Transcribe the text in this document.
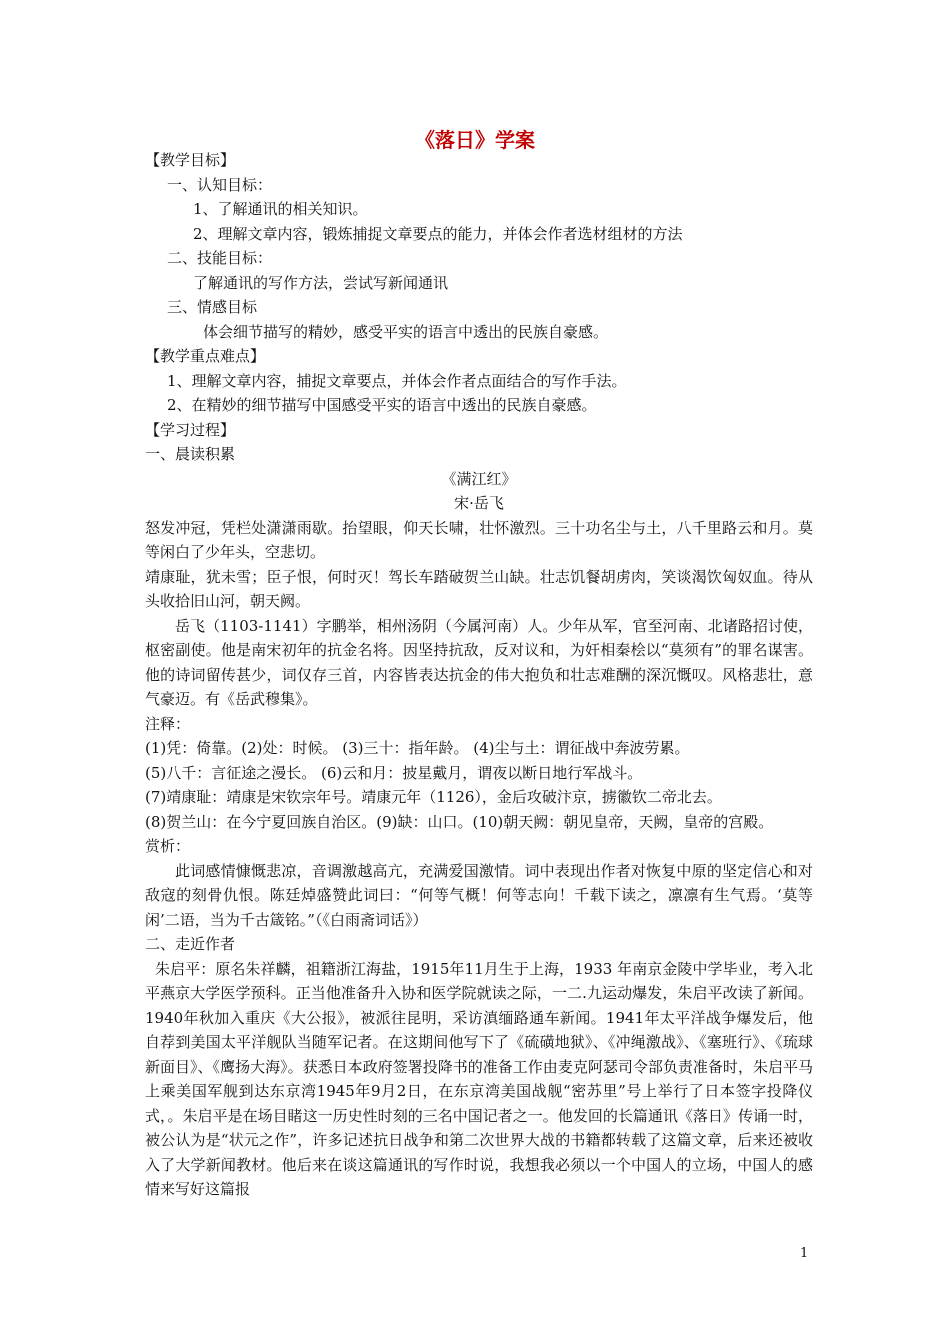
《落日》学案

【教学目标】

一、认知目标：

1、了解通讯的相关知识。

2、理解文章内容，锻炼捕捉文章要点的能力，并体会作者选材组材的方法

二、技能目标：

了解通讯的写作方法，尝试写新闻通讯

三、情感目标

体会细节描写的精妙，感受平实的语言中透出的民族自豪感。

【教学重点难点】

1、理解文章内容，捕捉文章要点，并体会作者点面结合的写作手法。

2、在精妙的细节描写中国感受平实的语言中透出的民族自豪感。

【学习过程】

一、晨读积累

《满江红》

宋·岳飞

怒发冲冠，凭栏处潇潇雨歇。抬望眼，仰天长啸，壮怀激烈。三十功名尘与土，八千里路云和月。莫等闲白了少年头，空悲切。

靖康耻，犹未雪；臣子恨，何时灭！驾长车踏破贺兰山缺。壮志饥餐胡虏肉，笑谈渴饮匈奴血。待从头收拾旧山河，朝天阙。

岳飞（1103-1141）字鹏举，相州汤阴（今属河南）人。少年从军，官至河南、北诸路招讨使，枢密副使。他是南宋初年的抗金名将。因坚持抗敌，反对议和，为奸相秦桧以“莫须有”的罪名谋害。他的诗词留传甚少，词仅存三首，内容皆表达抗金的伟大抱负和壮志难酬的深沉慨叹。风格悲壮，意气豪迈。有《岳武穆集》。

注释：

(1)凭：倚靠。(2)处：时候。 (3)三十：指年龄。 (4)尘与土：谓征战中奔波劳累。

(5)八千：言征途之漫长。 (6)云和月：披星戴月，谓夜以断日地行军战斗。

(7)靖康耻：靖康是宋钦宗年号。靖康元年（1126），金后攻破汴京，掳徽钦二帝北去。

(8)贺兰山：在今宁夏回族自治区。(9)缺：山口。(10)朝天阙：朝见皇帝，天阙，皇帝的宫殿。

赏析：

此词感情慷慨悲凉，音调激越高亢，充满爱国激情。词中表现出作者对恢复中原的坚定信心和对敌寇的刻骨仇恨。陈廷焯盛赞此词曰：“何等气概！何等志向！千载下读之，凛凛有生气焉。‘莫等闲’二语，当为千古箴铭。”（《白雨斋词话》）

二、走近作者

朱启平：原名朱祥麟，祖籍浙江海盐，1915年11月生于上海，1933 年南京金陵中学毕业，考入北平燕京大学医学预科。正当他准备升入协和医学院就读之际，一二.九运动爆发，朱启平改读了新闻。1940年秋加入重庆《大公报》，被派往昆明，采访滇缅路通车新闻。1941年太平洋战争爆发后，他自荐到美国太平洋舰队当随军记者。在这期间他写下了《硫磺地狱》、《冲绳激战》、《塞班行》、《琉球新面目》、《鹰扬大海》。获悉日本政府签署投降书的准备工作由麦克阿瑟司令部负责准备时，朱启平马上乘美国军舰到达东京湾1945年9月2日，在东京湾美国战舰“密苏里”号上举行了日本签字投降仪式，。朱启平是在场目睹这一历史性时刻的三名中国记者之一。他发回的长篇通讯《落日》传诵一时，被公认为是“状元之作”，许多记述抗日战争和第二次世界大战的书籍都转载了这篇文章，后来还被收入了大学新闻教材。他后来在谈这篇通讯的写作时说，我想我必须以一个中国人的立场，中国人的感情来写好这篇报

1
